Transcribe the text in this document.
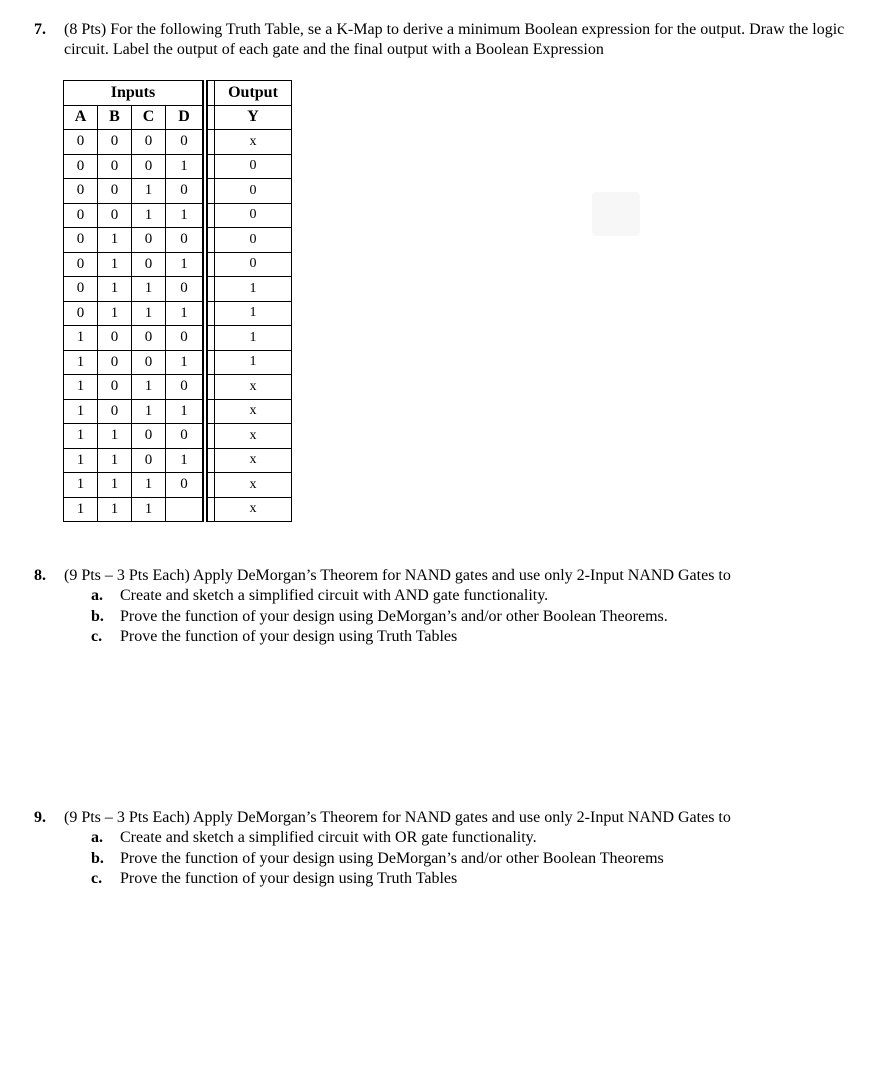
7. (8 Pts) For the following Truth Table, se a K-Map to derive a minimum Boolean expression for the output. Draw the logic circuit. Label the output of each gate and the final output with a Boolean Expression
Inputs					Output
A	B	C	D		Y
0	0	0	0		x
0	0	0	1		0
0	0	1	0		0
0	0	1	1		0
0	1	0	0		0
0	1	0	1		0
0	1	1	0		1
0	1	1	1		1
1	0	0	0		1
1	0	0	1		1
1	0	1	0		x
1	0	1	1		x
1	1	0	0		x
1	1	0	1		x
1	1	1	0		x
1	1	1			x
8. (9 Pts – 3 Pts Each) Apply DeMorgan’s Theorem for NAND gates and use only 2-Input NAND Gates to
a. Create and sketch a simplified circuit with AND gate functionality.
b. Prove the function of your design using DeMorgan’s and/or other Boolean Theorems.
c. Prove the function of your design using Truth Tables
9. (9 Pts – 3 Pts Each) Apply DeMorgan’s Theorem for NAND gates and use only 2-Input NAND Gates to
a. Create and sketch a simplified circuit with OR gate functionality.
b. Prove the function of your design using DeMorgan’s and/or other Boolean Theorems
c. Prove the function of your design using Truth Tables
